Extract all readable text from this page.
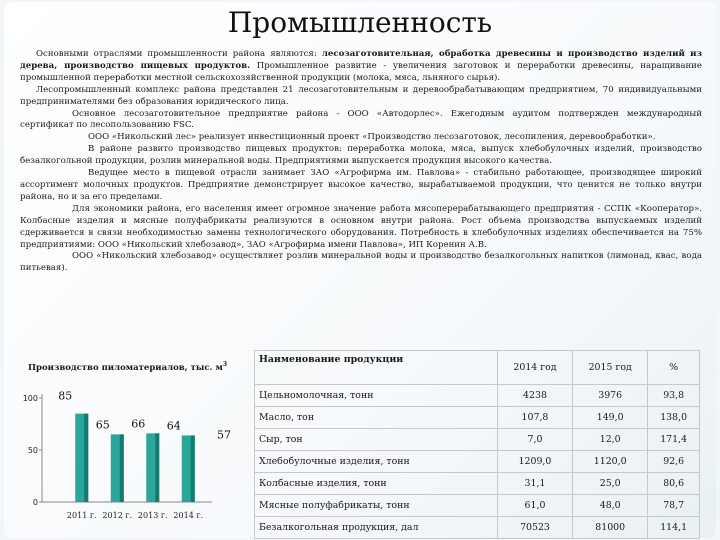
Промышленность

Основными отраслями промышленности района являются: лесозаготовительная, обработка древесины и производство изделий из дерева, производство пищевых продуктов. Промышленное развитие - увеличения заготовок и переработки древесины, наращивание промышленной переработки местной сельскохозяйственной продукции (молока, мяса, льняного сырья).

Лесопромышленный комплекс района представлен 21 лесозаготовительным и деревообрабатывающим предприятием, 70 индивидуальными предпринимателями без образования юридического лица.

Основное лесозаготовительное предприятие района - ООО «Автодорлес». Ежегодным аудитом подтвержден международный сертификат по лесопользованию FSC.

ООО «Никольский лес» реализует инвестиционный проект «Производство лесозаготовок, лесопиления, деревообработки».

В районе развито производство пищевых продуктов: переработка молока, мяса, выпуск хлебобулочных изделий, производство безалкогольной продукции, розлив минеральной воды. Предприятиями выпускается продукция высокого качества.

Ведущее место в пищевой отрасли занимает ЗАО «Агрофирма им. Павлова» - стабильно работающее, производящее широкий ассортимент молочных продуктов. Предприятие демонстрирует высокое качество, вырабатываемой продукции, что ценится не только внутри района, но и за его пределами.

Для экономики района, его населения имеет огромное значение работа мясоперерабатывающего предприятия - ССПК «Кооператор». Колбасные изделия и мясные полуфабрикаты реализуются в основном внутри района. Рост объема производства выпускаемых изделий сдерживается в связи необходимостью замены технологического оборудования. Потребность в хлебобулочных изделиях обеспечивается на 75% предприятиями: ООО «Никольский хлебозавод», ЗАО «Агрофирма имени Павлова», ИП Коренин А.В.

ООО «Никольский хлебозавод» осуществляет розлив минеральной воды и производство безалкогольных напитков (лимонад, квас, вода питьевая).

Производство пиломатериалов, тыс. $м^3$
0
50
100 85
2011 г.
65
2012 г.
66
2013 г.
64
2014 г.
57
Наименование продукции	2014 год	2015 год	%
Цельномолочная, тонн	4238	3976	93,8
Масло, тон	107,8	149,0	138,0
Сыр, тон	7,0	12,0	171,4
Хлебобулочные изделия, тонн	1209,0	1120,0	92,6
Колбасные изделия, тонн	31,1	25,0	80,6
Мясные полуфабрикаты, тонн	61,0	48,0	78,7
Безалкогольная продукция, дал	70523	81000	114,1
